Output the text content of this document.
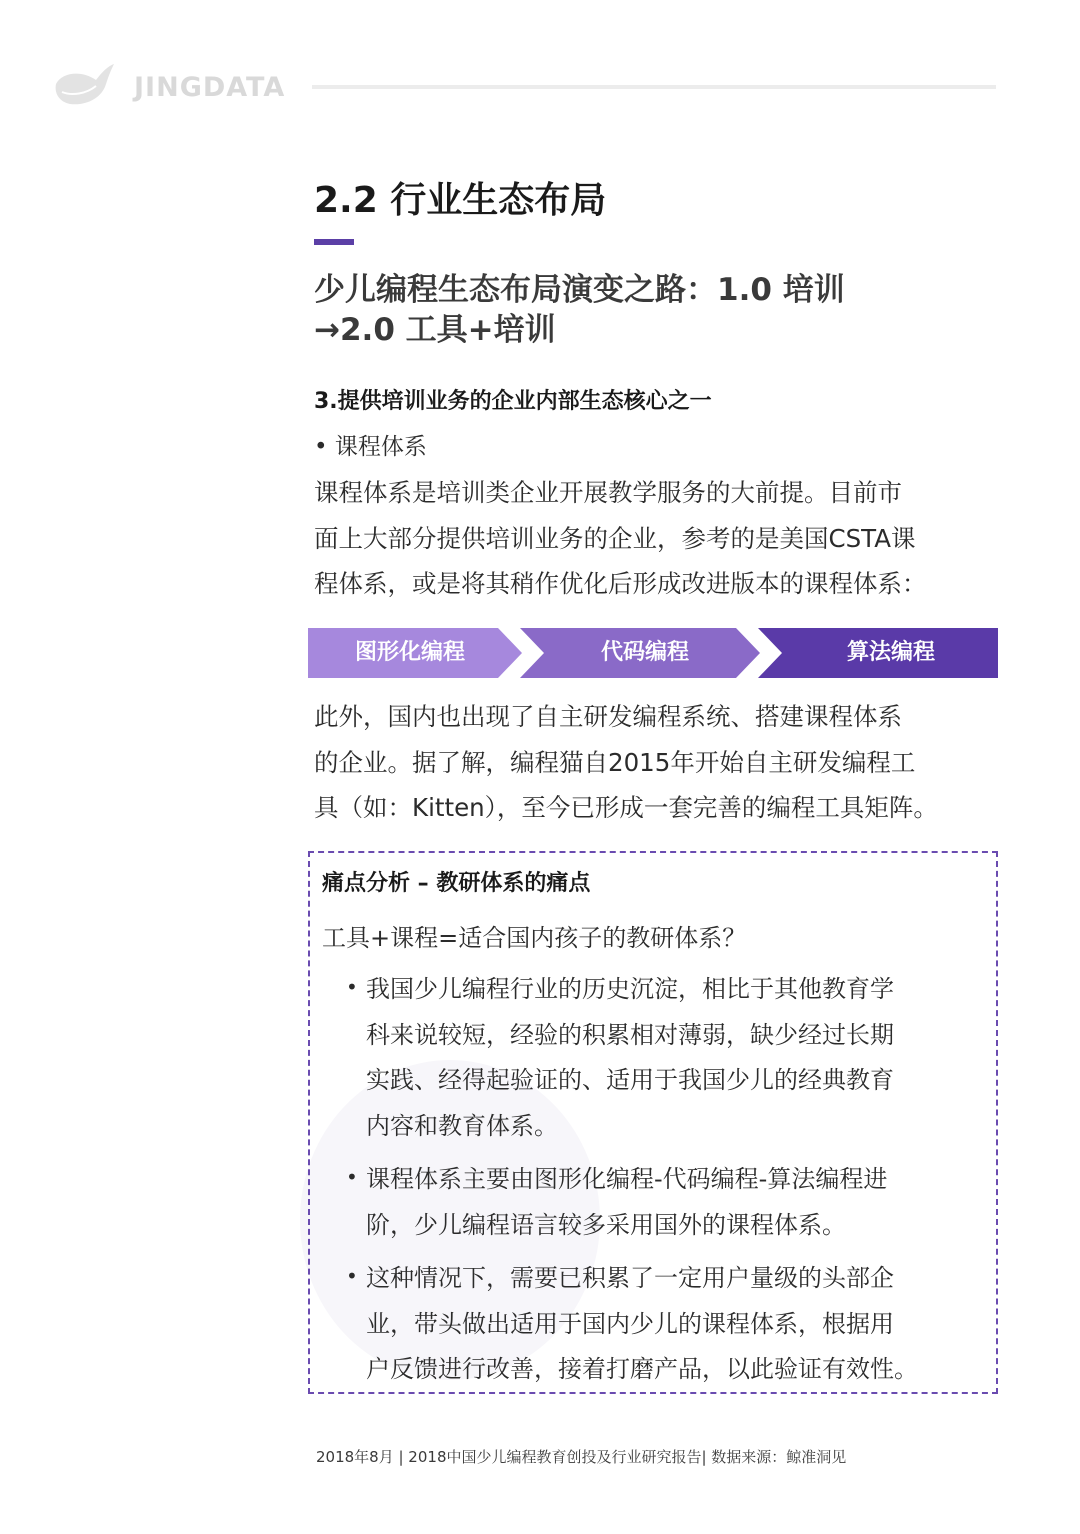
JINGDATA
2.2 行业生态布局
少儿编程生态布局演变之路：1.0 培训
→2.0 工具+培训
3.提供培训业务的企业内部生态核心之一
• 课程体系

课程体系是培训类企业开展教学服务的大前提。目前市
面上大部分提供培训业务的企业，参考的是美国CSTA课
程体系，或是将其稍作优化后形成改进版本的课程体系：

图形化编程	代码编程	算法编程

此外，国内也出现了自主研发编程系统、搭建课程体系
的企业。据了解，编程猫自2015年开始自主研发编程工
具（如：Kitten），至今已形成一套完善的编程工具矩阵。

痛点分析 – 教研体系的痛点
工具+课程=适合国内孩子的教研体系？
• 我国少儿编程行业的历史沉淀，相比于其他教育学
科来说较短，经验的积累相对薄弱，缺少经过长期
实践、经得起验证的、适用于我国少儿的经典教育
内容和教育体系。
• 课程体系主要由图形化编程-代码编程-算法编程进
阶，少儿编程语言较多采用国外的课程体系。
• 这种情况下，需要已积累了一定用户量级的头部企
业，带头做出适用于国内少儿的课程体系，根据用
户反馈进行改善，接着打磨产品，以此验证有效性。
2018年8月 | 2018中国少儿编程教育创投及行业研究报告| 数据来源：鲸准洞见
